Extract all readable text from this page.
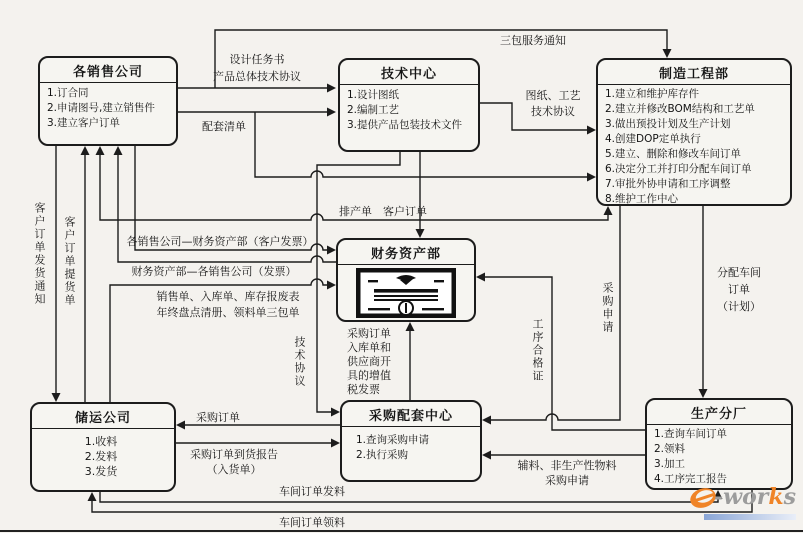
各销售公司
1.订合同
2.申请图号,建立销售件
3.建立客户订单
技术中心
1.设计图纸
2.编制工艺
3.提供产品包装技术文件
制造工程部
1.建立和维护库存件
2.建立并修改BOM结构和工艺单
3.做出预投计划及生产计划
4.创建DOP定单执行
5.建立、删除和修改车间订单
6.决定分工并打印分配车间订单
7.审批外协申请和工序调整
8.维护工作中心
财务资产部
储运公司
1.收料
2.发料
3.发货
采购配套中心
1.查询采购申请
2.执行采购
生产分厂
1.查询车间订单
2.领料
3.加工
4.工序完工报告
三包服务通知
设计任务书
产品总体技术协议
配套清单
图纸、工艺
技术协议
排产单　客户订单
各销售公司—财务资产部（客户发票）
财务资产部—各销售公司（发票）
销售单、入库单、库存报废表
年终盘点清册、领料单三包单
客户订单发货通知 客户订单提货单
技术协议
采购订单
入库单和
供应商开
具的增值
税发票
采购申请
工序合格证
分配车间
订单
（计划）
采购订单
采购订单到货报告
（入货单）	辅料、非生产性物料
采购申请
车间订单发料
车间订单领料
-works
